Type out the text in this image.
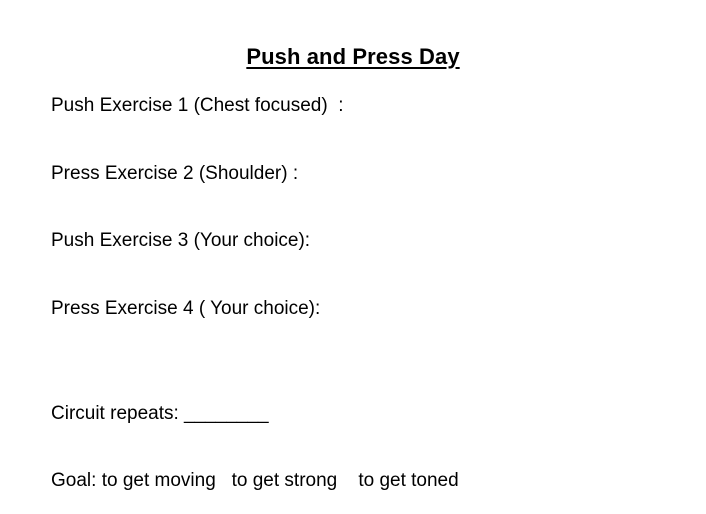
Push and Press Day
Push Exercise 1 (Chest focused)  :
Press Exercise 2 (Shoulder) :
Push Exercise 3 (Your choice):
Press Exercise 4 ( Your choice):
Circuit repeats: ________
Goal: to get moving   to get strong    to get toned
